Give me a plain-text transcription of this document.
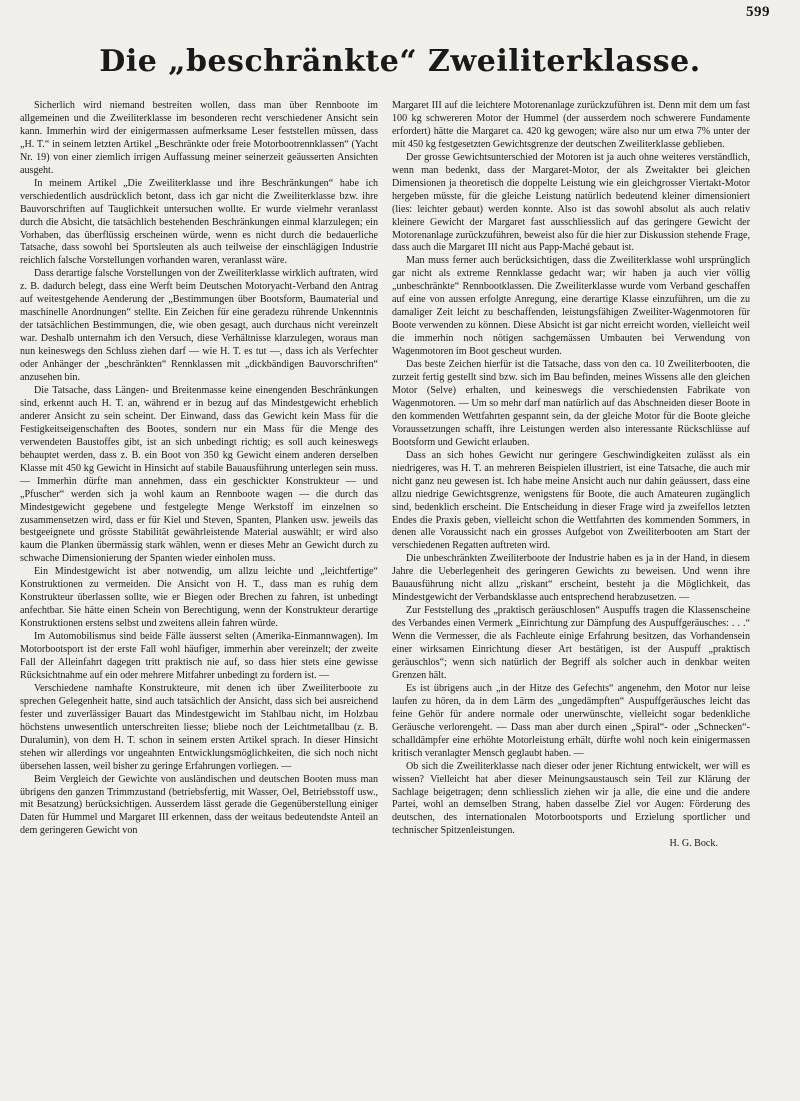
599
Die „beschränkte“ Zweiliterklasse.

Sicherlich wird niemand bestreiten wollen, dass man über Rennboote im allgemeinen und die Zweiliterklasse im besonderen recht verschiedener Ansicht sein kann. Immerhin wird der einigermassen aufmerksame Leser feststellen müssen, dass „H. T.“ in seinem letzten Artikel „Beschränkte oder freie Motorbootrennklassen“ (Yacht Nr. 19) von einer ziemlich irrigen Auffassung meiner seinerzeit geäusserten Ansichten ausgeht.

In meinem Artikel „Die Zweiliterklasse und ihre Beschränkungen“ habe ich verschiedentlich ausdrücklich betont, dass ich gar nicht die Zweiliterklasse bzw. ihre Bauvorschriften auf Tauglichkeit untersuchen wollte. Er wurde vielmehr veranlasst durch die Absicht, die tatsächlich bestehenden Beschränkungen einmal klarzulegen; ein Vorhaben, das überflüssig erscheinen würde, wenn es nicht durch die bedauerliche Tatsache, dass sowohl bei Sportsleuten als auch teilweise der einschlägigen Industrie reichlich falsche Vorstellungen vorhanden waren, veranlasst wäre.

Dass derartige falsche Vorstellungen von der Zweiliterklasse wirklich auftraten, wird z. B. dadurch belegt, dass eine Werft beim Deutschen Motoryacht-Verband den Antrag auf weitestgehende Aenderung der „Bestimmungen über Bootsform, Baumaterial und maschinelle Anordnungen“ stellte. Ein Zeichen für eine geradezu rührende Unkenntnis der tatsächlichen Bestimmungen, die, wie oben gesagt, auch durchaus nicht vereinzelt war. Deshalb unternahm ich den Versuch, diese Verhältnisse klarzulegen, woraus man nun keineswegs den Schluss ziehen darf — wie H. T. es tut —, dass ich als Verfechter oder Anhänger der „beschränkten“ Rennklassen mit „dickbändigen Bauvorschriften“ anzusehen bin.

Die Tatsache, dass Längen- und Breitenmasse keine einengenden Beschränkungen sind, erkennt auch H. T. an, während er in bezug auf das Mindestgewicht erheblich anderer Ansicht zu sein scheint. Der Einwand, dass das Gewicht kein Mass für die Festigkeitseigenschaften des Bootes, sondern nur ein Mass für die Menge des verwendeten Baustoffes gibt, ist an sich unbedingt richtig; es soll auch keineswegs behauptet werden, dass z. B. ein Boot von 350 kg Gewicht einem anderen derselben Klasse mit 450 kg Gewicht in Hinsicht auf stabile Bauausführung unterlegen sein muss. — Immerhin dürfte man annehmen, dass ein geschickter Konstrukteur — und „Pfuscher“ werden sich ja wohl kaum an Rennboote wagen — die durch das Mindestgewicht gegebene und festgelegte Menge Werkstoff im einzelnen so zusammensetzen wird, dass er für Kiel und Steven, Spanten, Planken usw. jeweils das bestgeeignete und grösste Stabilität gewährleistende Material auswählt; er wird also kaum die Planken übermässig stark wählen, wenn er dieses Mehr an Gewicht durch zu schwache Dimensionierung der Spanten wieder einholen muss.

Ein Mindestgewicht ist aber notwendig, um allzu leichte und „leichtfertige“ Konstruktionen zu vermeiden. Die Ansicht von H. T., dass man es ruhig dem Konstrukteur überlassen sollte, wie er Biegen oder Brechen zu fahren, ist unbedingt anfechtbar. Sie hätte einen Schein von Berechtigung, wenn der Konstrukteur derartige Konstruktionen erstens selbst und zweitens allein fahren würde.

Im Automobilismus sind beide Fälle äusserst selten (Amerika-Einmannwagen). Im Motorbootsport ist der erste Fall wohl häufiger, immerhin aber vereinzelt; der zweite Fall der Alleinfahrt dagegen tritt praktisch nie auf, so dass hier stets eine gewisse Rücksichtnahme auf ein oder mehrere Mitfahrer unbedingt zu fordern ist. —

Verschiedene namhafte Konstrukteure, mit denen ich über Zweiliterboote zu sprechen Gelegenheit hatte, sind auch tatsächlich der Ansicht, dass sich bei ausreichend fester und zuverlässiger Bauart das Mindestgewicht im Stahlbau nicht, im Holzbau höchstens unwesentlich unterschreiten liesse; bliebe noch der Leichtmetallbau (z. B. Duralumin), von dem H. T. schon in seinem ersten Artikel sprach. In dieser Hinsicht stehen wir allerdings vor ungeahnten Entwicklungsmöglichkeiten, die sich noch nicht übersehen lassen, weil bisher zu geringe Erfahrungen vorliegen. —

Beim Vergleich der Gewichte von ausländischen und deutschen Booten muss man übrigens den ganzen Trimmzustand (betriebsfertig, mit Wasser, Oel, Betriebsstoff usw., mit Besatzung) berücksichtigen. Ausserdem lässt gerade die Gegenüberstellung einiger Daten für Hummel und Margaret III erkennen, dass der weitaus bedeutendste Anteil an dem geringeren Gewicht von

Margaret III auf die leichtere Motorenanlage zurückzuführen ist. Denn mit dem um fast 100 kg schwereren Motor der Hummel (der ausserdem noch schwerere Fundamente erfordert) hätte die Margaret ca. 420 kg gewogen; wäre also nur um etwa 7% unter der mit 450 kg festgesetzten Gewichtsgrenze der deutschen Zweiliterklasse geblieben.

Der grosse Gewichtsunterschied der Motoren ist ja auch ohne weiteres verständlich, wenn man bedenkt, dass der Margaret-Motor, der als Zweitakter bei gleichen Dimensionen ja theoretisch die doppelte Leistung wie ein gleichgrosser Viertakt-Motor hergeben müsste, für die gleiche Leistung natürlich bedeutend kleiner dimensioniert (lies: leichter gebaut) werden konnte. Also ist das sowohl absolut als auch relativ kleinere Gewicht der Margaret fast ausschliesslich auf das geringere Gewicht der Motorenanlage zurückzuführen, beweist also für die hier zur Diskussion stehende Frage, dass auch die Margaret III nicht aus Papp-Maché gebaut ist.

Man muss ferner auch berücksichtigen, dass die Zweiliterklasse wohl ursprünglich gar nicht als extreme Rennklasse gedacht war; wir haben ja auch vier völlig „unbeschränkte“ Rennbootklassen. Die Zweiliterklasse wurde vom Verband geschaffen auf eine von aussen erfolgte Anregung, eine derartige Klasse einzuführen, um die zu damaliger Zeit leicht zu beschaffenden, leistungsfähigen Zweiliter-Wagenmotoren für Boote verwenden zu können. Diese Absicht ist gar nicht erreicht worden, vielleicht weil die immerhin noch nötigen sachgemässen Umbauten bei Verwendung von Wagenmotoren im Boot gescheut wurden.

Das beste Zeichen hierfür ist die Tatsache, dass von den ca. 10 Zweiliterbooten, die zurzeit fertig gestellt sind bzw. sich im Bau befinden, meines Wissens alle den gleichen Motor (Selve) erhalten, und keineswegs die verschiedensten Fabrikate von Wagenmotoren. — Um so mehr darf man natürlich auf das Abschneiden dieser Boote in den kommenden Wettfahrten gespannt sein, da der gleiche Motor für die Boote gleiche Voraussetzungen schafft, ihre Leistungen werden also interessante Rückschlüsse auf Bootsform und Gewicht erlauben.

Dass an sich hohes Gewicht nur geringere Geschwindigkeiten zulässt als ein niedrigeres, was H. T. an mehreren Beispielen illustriert, ist eine Tatsache, die auch mir nicht ganz neu gewesen ist. Ich habe meine Ansicht auch nur dahin geäussert, dass eine allzu niedrige Gewichtsgrenze, wenigstens für Boote, die auch Amateuren zugänglich sind, bedenklich erscheint. Die Entscheidung in dieser Frage wird ja zweifellos letzten Endes die Praxis geben, vielleicht schon die Wettfahrten des kommenden Sommers, in denen alle Voraussicht nach ein grosses Aufgebot von Zweiliterbooten am Start der verschiedenen Regatten auftreten wird.

Die unbeschränkten Zweiliterboote der Industrie haben es ja in der Hand, in diesem Jahre die Ueberlegenheit des geringeren Gewichts zu beweisen. Und wenn ihre Bauausführung nicht allzu „riskant“ erscheint, besteht ja die Möglichkeit, das Mindestgewicht der Verbandsklasse auch entsprechend herabzusetzen. —

Zur Feststellung des „praktisch geräuschlosen“ Auspuffs tragen die Klassenscheine des Verbandes einen Vermerk „Einrichtung zur Dämpfung des Auspuffgeräusches: . . .“ Wenn die Vermesser, die als Fachleute einige Erfahrung besitzen, das Vorhandensein einer wirksamen Einrichtung dieser Art bestätigen, ist der Auspuff „praktisch geräuschlos“; wenn sich natürlich der Begriff als solcher auch in denkbar weiten Grenzen hält.

Es ist übrigens auch „in der Hitze des Gefechts“ angenehm, den Motor nur leise laufen zu hören, da in dem Lärm des „ungedämpften“ Auspuffgeräusches leicht das feine Gehör für andere normale oder unerwünschte, vielleicht sogar bedenkliche Geräusche verlorengeht. — Dass man aber durch einen „Spiral“- oder „Schnecken“-schalldämpfer eine erhöhte Motorleistung erhält, dürfte wohl noch kein einigermassen kritisch veranlagter Mensch geglaubt haben. —

Ob sich die Zweiliterklasse nach dieser oder jener Richtung entwickelt, wer will es wissen? Vielleicht hat aber dieser Meinungsaustausch sein Teil zur Klärung der Sachlage beigetragen; denn schliesslich ziehen wir ja alle, die eine und die andere Partei, wohl an demselben Strang, haben dasselbe Ziel vor Augen: Förderung des deutschen, des internationalen Motorbootsports und Erzielung sportlicher und technischer Spitzenleistungen.

H. G. Bock.
